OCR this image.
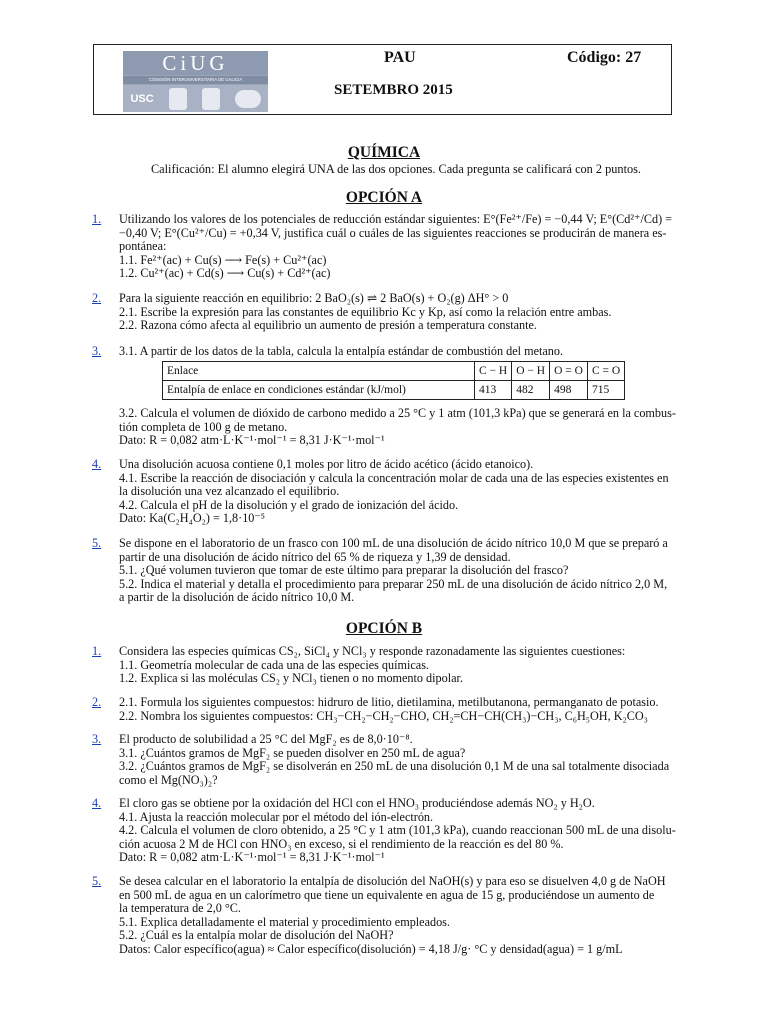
CiUG
COMISIÓN INTERUNIVERSITARIA DE GALICIA
USC
PAU	Código: 27
SETEMBRO 2015
QUÍMICA
Calificación: El alumno elegirá UNA de las dos opciones. Cada pregunta se calificará con 2 puntos.
OPCIÓN A
1. Utilizando los valores de los potenciales de reducción estándar siguientes: E°(Fe²⁺/Fe) = −0,44 V; E°(Cd²⁺/Cd) =
−0,40 V; E°(Cu²⁺/Cu) = +0,34 V, justifica cuál o cuáles de las siguientes reacciones se producirán de manera es-
pontánea:
1.1. Fe²⁺(ac) + Cu(s) ⟶ Fe(s) + Cu²⁺(ac)
1.2. Cu²⁺(ac) + Cd(s) ⟶ Cu(s) + Cd²⁺(ac)
2. Para la siguiente reacción en equilibrio: 2 BaO₂(s) ⇌ 2 BaO(s) + O₂(g) ΔH° > 0
2.1. Escribe la expresión para las constantes de equilibrio Kc y Kp, así como la relación entre ambas.
2.2. Razona cómo afecta al equilibrio un aumento de presión a temperatura constante.
3. 3.1. A partir de los datos de la tabla, calcula la entalpía estándar de combustión del metano.
3.2. Calcula el volumen de dióxido de carbono medido a 25 °C y 1 atm (101,3 kPa) que se generará en la combus-
tión completa de 100 g de metano.
Dato: R = 0,082 atm·L·K⁻¹·mol⁻¹ = 8,31 J·K⁻¹·mol⁻¹
4. Una disolución acuosa contiene 0,1 moles por litro de ácido acético (ácido etanoico).
4.1. Escribe la reacción de disociación y calcula la concentración molar de cada una de las especies existentes en
la disolución una vez alcanzado el equilibrio.
4.2. Calcula el pH de la disolución y el grado de ionización del ácido.
Dato: Ka(C₂H₄O₂) = 1,8·10⁻⁵
5. Se dispone en el laboratorio de un frasco con 100 mL de una disolución de ácido nítrico 10,0 M que se preparó a
partir de una disolución de ácido nítrico del 65 % de riqueza y 1,39 de densidad.
5.1. ¿Qué volumen tuvieron que tomar de este último para preparar la disolución del frasco?
5.2. Indica el material y detalla el procedimiento para preparar 250 mL de una disolución de ácido nítrico 2,0 M,
a partir de la disolución de ácido nítrico 10,0 M.
Enlace	C − H	O − H	O = O	C = O
Entalpía de enlace en condiciones estándar (kJ/mol)	413	482	498	715
OPCIÓN B
1. Considera las especies químicas CS₂, SiCl₄ y NCl₃ y responde razonadamente las siguientes cuestiones:
1.1. Geometría molecular de cada una de las especies químicas.
1.2. Explica si las moléculas CS₂ y NCl₃ tienen o no momento dipolar.
2. 2.1. Formula los siguientes compuestos: hidruro de litio, dietilamina, metilbutanona, permanganato de potasio.
2.2. Nombra los siguientes compuestos: CH₃−CH₂−CH₂−CHO, CH₂=CH−CH(CH₃)−CH₃, C₆H₅OH, K₂CO₃
3. El producto de solubilidad a 25 °C del MgF₂ es de 8,0·10⁻⁸.
3.1. ¿Cuántos gramos de MgF₂ se pueden disolver en 250 mL de agua?
3.2. ¿Cuántos gramos de MgF₂ se disolverán en 250 mL de una disolución 0,1 M de una sal totalmente disociada
como el Mg(NO₃)₂?
4. El cloro gas se obtiene por la oxidación del HCl con el HNO₃ produciéndose además NO₂ y H₂O.
4.1. Ajusta la reacción molecular por el método del ión-electrón.
4.2. Calcula el volumen de cloro obtenido, a 25 °C y 1 atm (101,3 kPa), cuando reaccionan 500 mL de una disolu-
ción acuosa 2 M de HCl con HNO₃ en exceso, si el rendimiento de la reacción es del 80 %.
Dato: R = 0,082 atm·L·K⁻¹·mol⁻¹ = 8,31 J·K⁻¹·mol⁻¹
5. Se desea calcular en el laboratorio la entalpía de disolución del NaOH(s) y para eso se disuelven 4,0 g de NaOH
en 500 mL de agua en un calorímetro que tiene un equivalente en agua de 15 g, produciéndose un aumento de
la temperatura de 2,0 °C.
5.1. Explica detalladamente el material y procedimiento empleados.
5.2. ¿Cuál es la entalpía molar de disolución del NaOH?
Datos: Calor específico(agua) ≈ Calor específico(disolución) = 4,18 J/g· °C y densidad(agua) = 1 g/mL
